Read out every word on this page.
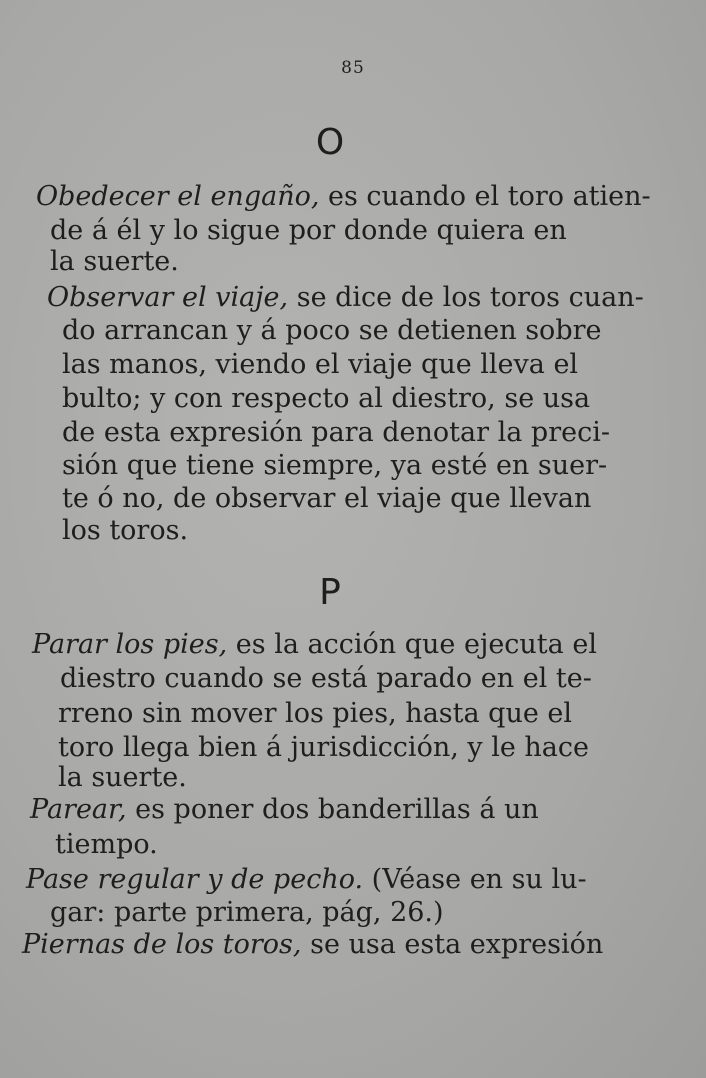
85
O
Obedecer el engaño, es cuando el toro atien-
de á él y lo sigue por donde quiera en
la suerte.
Observar el viaje, se dice de los toros cuan-
do arrancan y á poco se detienen sobre
las manos, viendo el viaje que lleva el
bulto; y con respecto al diestro, se usa
de esta expresión para denotar la preci-
sión que tiene siempre, ya esté en suer-
te ó no, de observar el viaje que llevan
los toros.
P
Parar los pies, es la acción que ejecuta el
diestro cuando se está parado en el te-
rreno sin mover los pies, hasta que el
toro llega bien á jurisdicción, y le hace
la suerte.
Parear, es poner dos banderillas á un
tiempo.
Pase regular y de pecho. (Véase en su lu-
gar: parte primera, pág, 26.)
Piernas de los toros, se usa esta expresión
